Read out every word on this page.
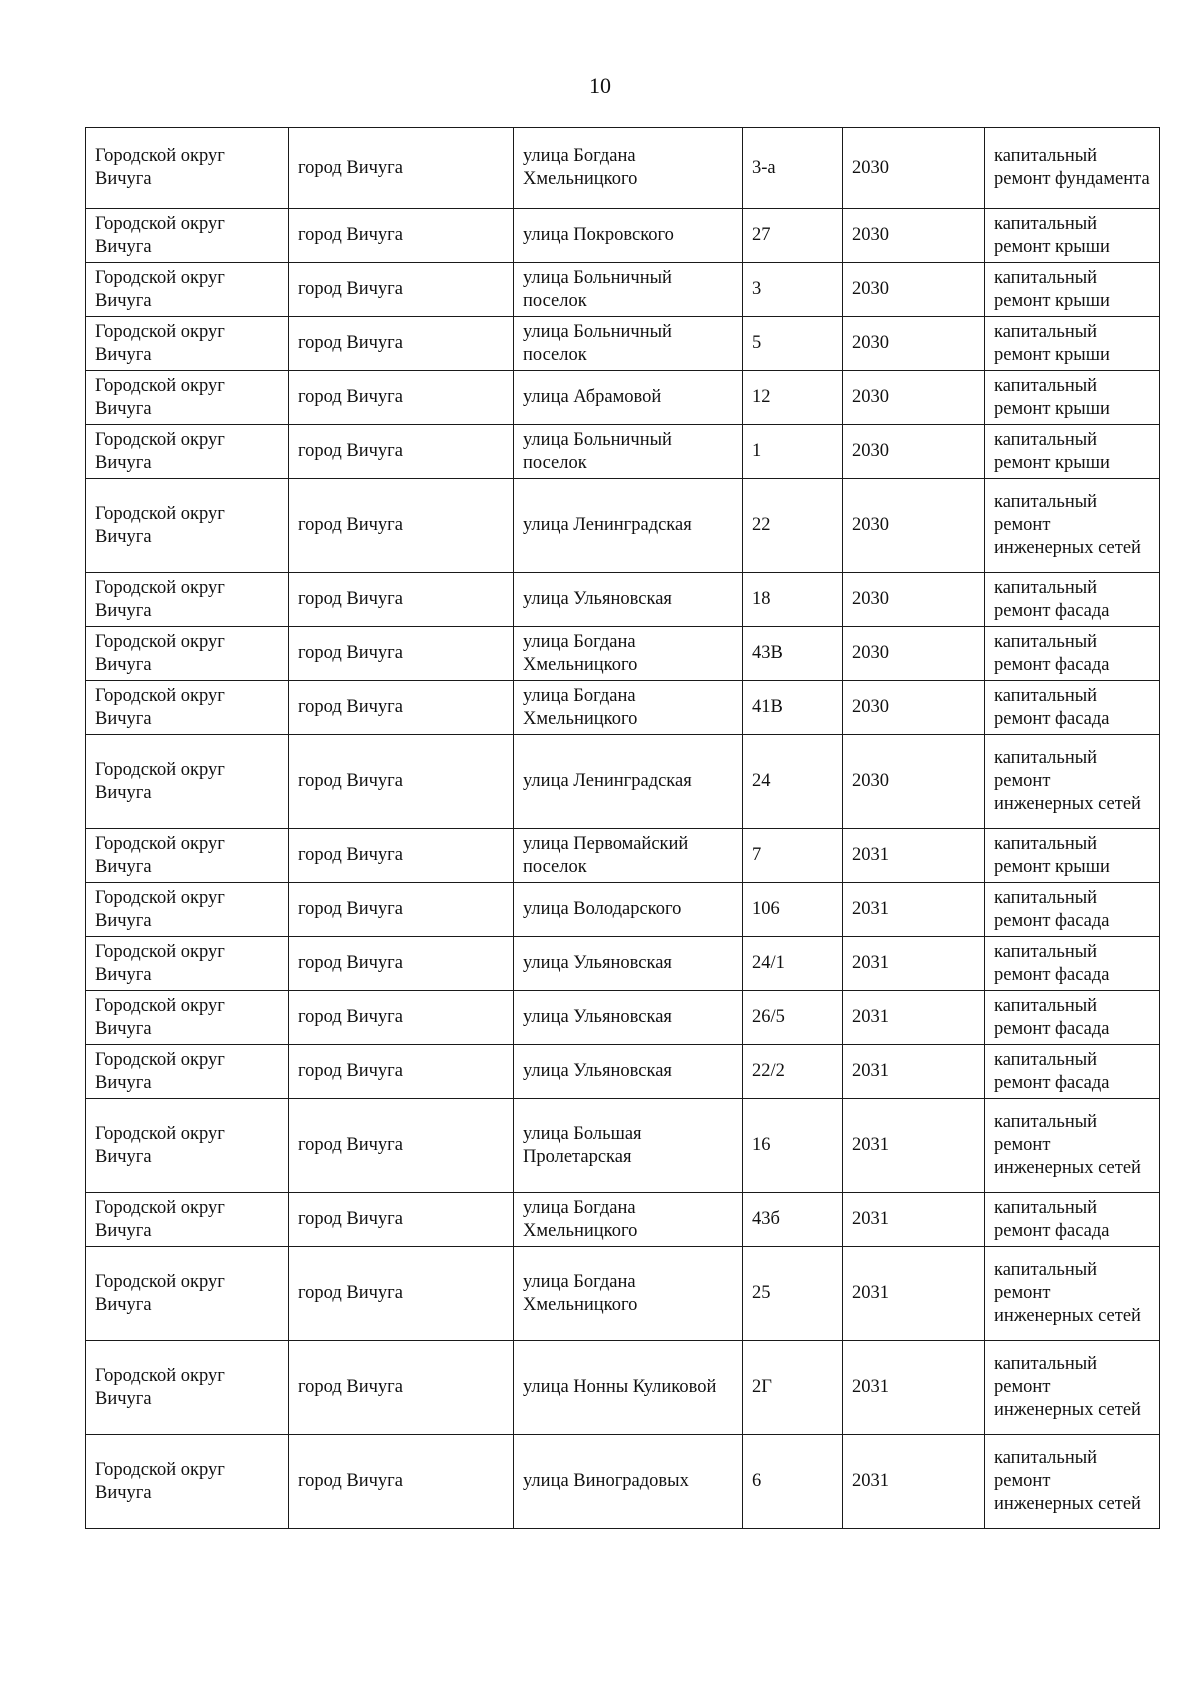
10
Городской округ Вичуга	город Вичуга	улица Богдана Хмельницкого	3-а	2030	капитальный ремонт фундамента
Городской округ Вичуга	город Вичуга	улица Покровского	27	2030	капитальный ремонт крыши
Городской округ Вичуга	город Вичуга	улица Больничный поселок	3	2030	капитальный ремонт крыши
Городской округ Вичуга	город Вичуга	улица Больничный поселок	5	2030	капитальный ремонт крыши
Городской округ Вичуга	город Вичуга	улица Абрамовой	12	2030	капитальный ремонт крыши
Городской округ Вичуга	город Вичуга	улица Больничный поселок	1	2030	капитальный ремонт крыши
Городской округ Вичуга	город Вичуга	улица Ленинградская	22	2030	капитальный ремонт инженерных сетей
Городской округ Вичуга	город Вичуга	улица Ульяновская	18	2030	капитальный ремонт фасада
Городской округ Вичуга	город Вичуга	улица Богдана Хмельницкого	43В	2030	капитальный ремонт фасада
Городской округ Вичуга	город Вичуга	улица Богдана Хмельницкого	41В	2030	капитальный ремонт фасада
Городской округ Вичуга	город Вичуга	улица Ленинградская	24	2030	капитальный ремонт инженерных сетей
Городской округ Вичуга	город Вичуга	улица Первомайский поселок	7	2031	капитальный ремонт крыши
Городской округ Вичуга	город Вичуга	улица Володарского	106	2031	капитальный ремонт фасада
Городской округ Вичуга	город Вичуга	улица Ульяновская	24/1	2031	капитальный ремонт фасада
Городской округ Вичуга	город Вичуга	улица Ульяновская	26/5	2031	капитальный ремонт фасада
Городской округ Вичуга	город Вичуга	улица Ульяновская	22/2	2031	капитальный ремонт фасада
Городской округ Вичуга	город Вичуга	улица Большая Пролетарская	16	2031	капитальный ремонт инженерных сетей
Городской округ Вичуга	город Вичуга	улица Богдана Хмельницкого	43б	2031	капитальный ремонт фасада
Городской округ Вичуга	город Вичуга	улица Богдана Хмельницкого	25	2031	капитальный ремонт инженерных сетей
Городской округ Вичуга	город Вичуга	улица Нонны Куликовой	2Г	2031	капитальный ремонт инженерных сетей
Городской округ Вичуга	город Вичуга	улица Виноградовых	6	2031	капитальный ремонт инженерных сетей
